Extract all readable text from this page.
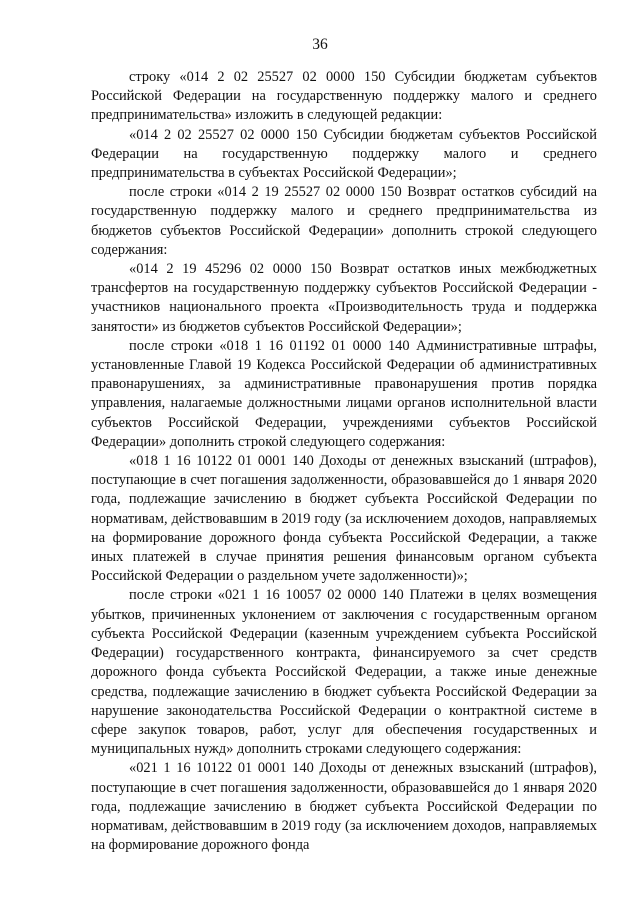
36

строку «014 2 02 25527 02 0000 150 Субсидии бюджетам субъектов Российской Федерации на государственную поддержку малого и среднего предпринимательства» изложить в следующей редакции:

«014 2 02 25527 02 0000 150 Субсидии бюджетам субъектов Российской Федерации на государственную поддержку малого и среднего предпринимательства в субъектах Российской Федерации»;

после строки «014 2 19 25527 02 0000 150 Возврат остатков субсидий на государственную поддержку малого и среднего предпринимательства из бюджетов субъектов Российской Федерации» дополнить строкой следующего содержания:

«014 2 19 45296 02 0000 150 Возврат остатков иных межбюджетных трансфертов на государственную поддержку субъектов Российской Федерации - участников национального проекта «Производительность труда и поддержка занятости» из бюджетов субъектов Российской Федерации»;

после строки «018 1 16 01192 01 0000 140 Административные штрафы, установленные Главой 19 Кодекса Российской Федерации об административных правонарушениях, за административные правонарушения против порядка управления, налагаемые должностными лицами органов исполнительной власти субъектов Российской Федерации, учреждениями субъектов Российской Федерации» дополнить строкой следующего содержания:

«018 1 16 10122 01 0001 140 Доходы от денежных взысканий (штрафов), поступающие в счет погашения задолженности, образовавшейся до 1 января 2020 года, подлежащие зачислению в бюджет субъекта Российской Федерации по нормативам, действовавшим в 2019 году (за исключением доходов, направляемых на формирование дорожного фонда субъекта Российской Федерации, а также иных платежей в случае принятия решения финансовым органом субъекта Российской Федерации о раздельном учете задолженности)»;

после строки «021 1 16 10057 02 0000 140 Платежи в целях возмещения убытков, причиненных уклонением от заключения с государственным органом субъекта Российской Федерации (казенным учреждением субъекта Российской Федерации) государственного контракта, финансируемого за счет средств дорожного фонда субъекта Российской Федерации, а также иные денежные средства, подлежащие зачислению в бюджет субъекта Российской Федерации за нарушение законодательства Российской Федерации о контрактной системе в сфере закупок товаров, работ, услуг для обеспечения государственных и муниципальных нужд» дополнить строками следующего содержания:

«021 1 16 10122 01 0001 140 Доходы от денежных взысканий (штрафов), поступающие в счет погашения задолженности, образовавшейся до 1 января 2020 года, подлежащие зачислению в бюджет субъекта Российской Федерации по нормативам, действовавшим в 2019 году (за исключением доходов, направляемых на формирование дорожного фонда
